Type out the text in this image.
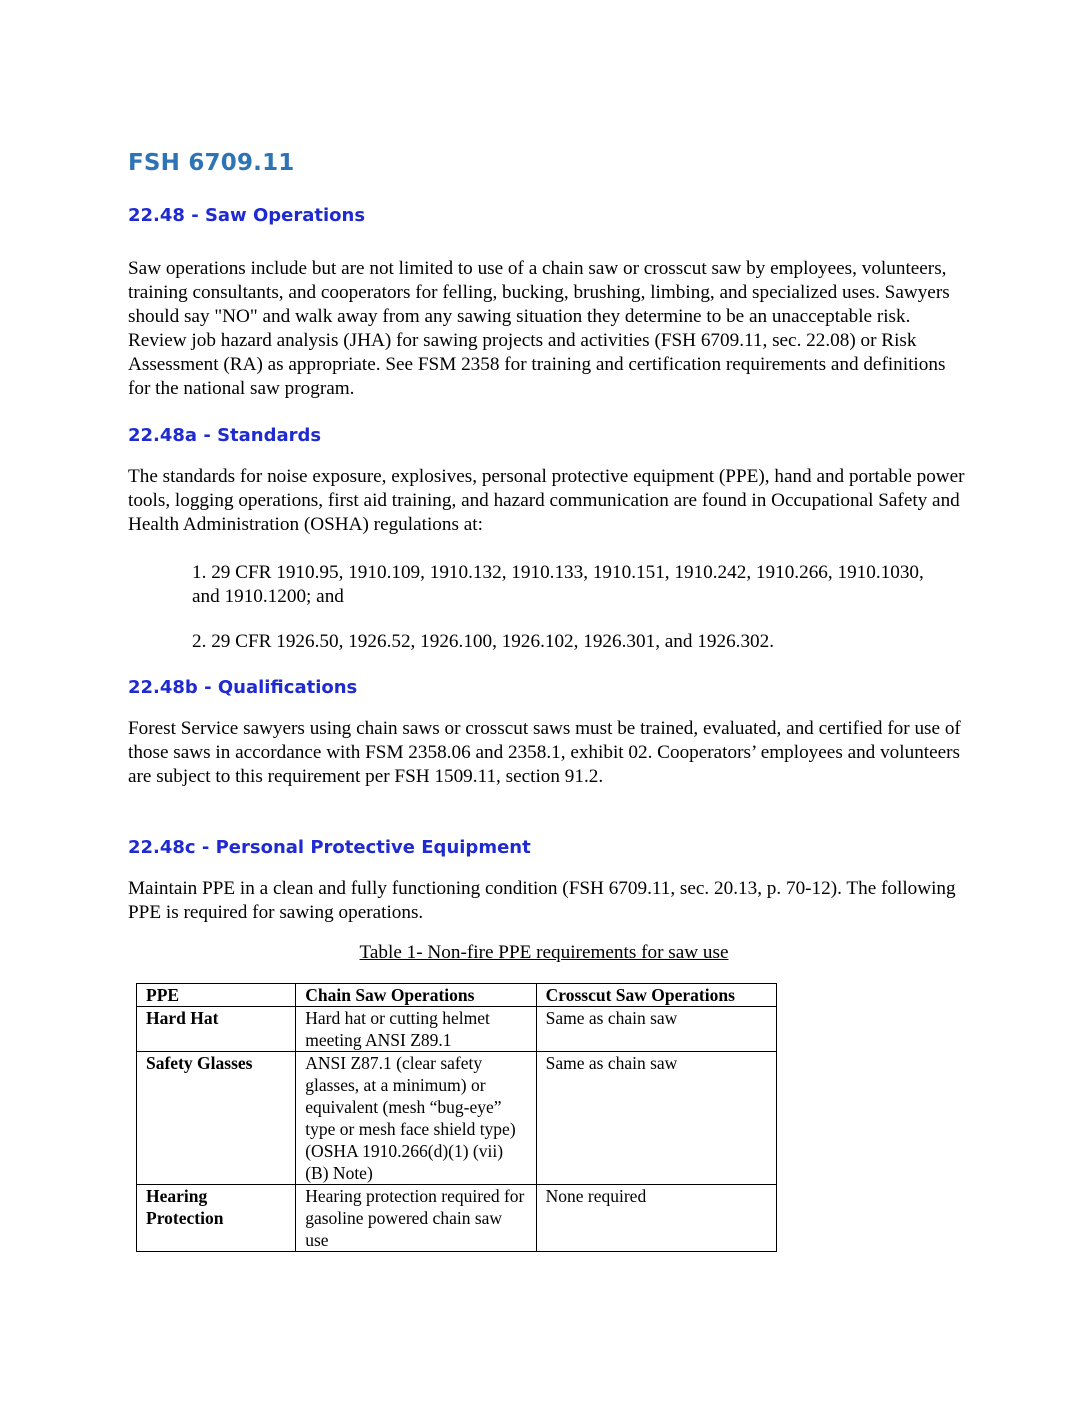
FSH 6709.11
22.48 - Saw Operations

Saw operations include but are not limited to use of a chain saw or crosscut saw by employees, volunteers, training consultants, and cooperators for felling, bucking, brushing, limbing, and specialized uses. Sawyers should say "NO" and walk away from any sawing situation they determine to be an unacceptable risk. Review job hazard analysis (JHA) for sawing projects and activities (FSH 6709.11, sec. 22.08) or Risk Assessment (RA) as appropriate. See FSM 2358 for training and certification requirements and definitions for the national saw program.

22.48a - Standards

The standards for noise exposure, explosives, personal protective equipment (PPE), hand and portable power tools, logging operations, first aid training, and hazard communication are found in Occupational Safety and Health Administration (OSHA) regulations at:

1. 29 CFR 1910.95, 1910.109, 1910.132, 1910.133, 1910.151, 1910.242, 1910.266, 1910.1030, and 1910.1200; and

2. 29 CFR 1926.50, 1926.52, 1926.100, 1926.102, 1926.301, and 1926.302.

22.48b - Qualifications

Forest Service sawyers using chain saws or crosscut saws must be trained, evaluated, and certified for use of those saws in accordance with FSM 2358.06 and 2358.1, exhibit 02. Cooperators’ employees and volunteers are subject to this requirement per FSH 1509.11, section 91.2.

22.48c - Personal Protective Equipment

Maintain PPE in a clean and fully functioning condition (FSH 6709.11, sec. 20.13, p. 70-12). The following PPE is required for sawing operations.

Table 1- Non-fire PPE requirements for saw use
PPE	Chain Saw Operations	Crosscut Saw Operations
Hard Hat	Hard hat or cutting helmet meeting ANSI Z89.1	Same as chain saw
Safety Glasses	ANSI Z87.1 (clear safety glasses, at a minimum) or equivalent (mesh “bug-eye” type or mesh face shield type) (OSHA 1910.266(d)(1) (vii) (B) Note)	Same as chain saw
Hearing Protection	Hearing protection required for gasoline powered chain saw use	None required
